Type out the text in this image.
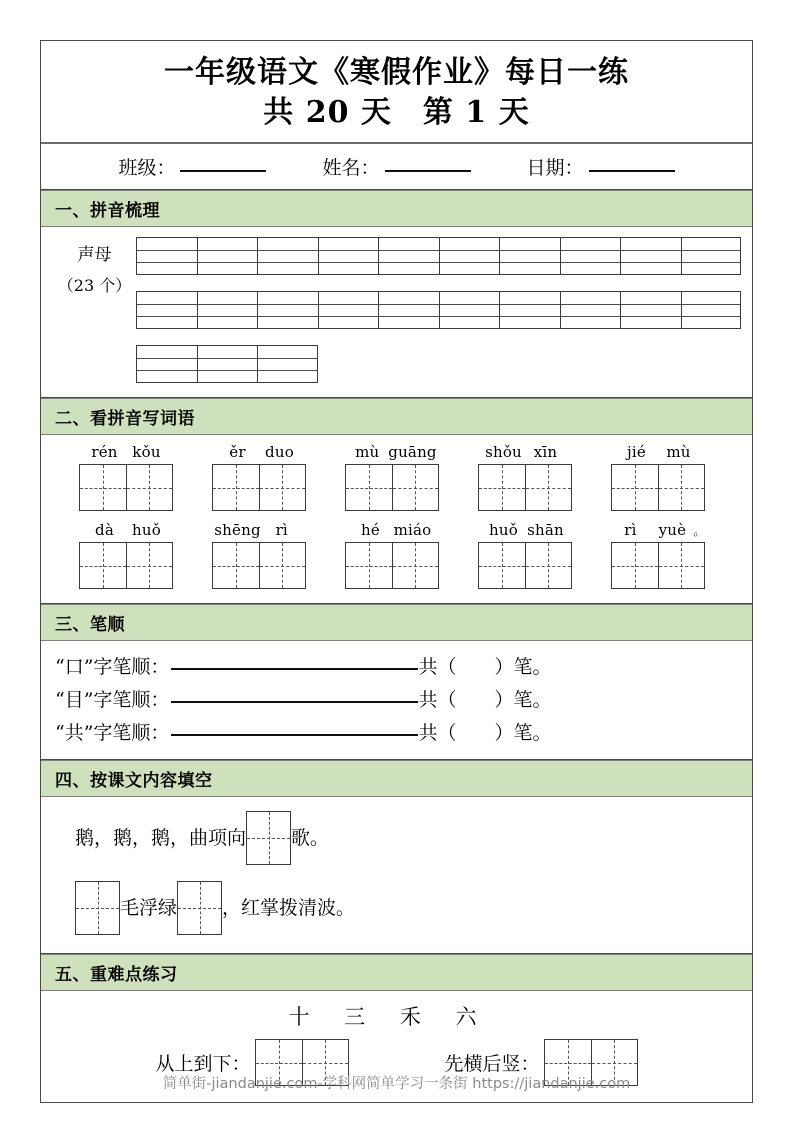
一年级语文《寒假作业》每日一练
共 20 天　第 1 天
班级：	姓名：	日期：
一、拼音梳理
声母
（23 个）
二、看拼音写词语
rén kǒu	ěr duo	mù guāng	shǒu xīn	jié mù
dà huǒ	shēng rì	hé miáo	huǒ shān	rì yuè 。
三、笔顺
“口”字笔顺：	共（　　）笔。
“目”字笔顺：	共（　　）笔。
“共”字笔顺：	共（　　）笔。
四、按课文内容填空
鹅，鹅，鹅，曲项向 歌。
毛浮绿 ，红掌拨清波。
五、重难点练习
十 三 禾 六
从上到下：	先横后竖：
简单街-jiandanjie.com-学科网简单学习一条街 https://jiandanjie.com
